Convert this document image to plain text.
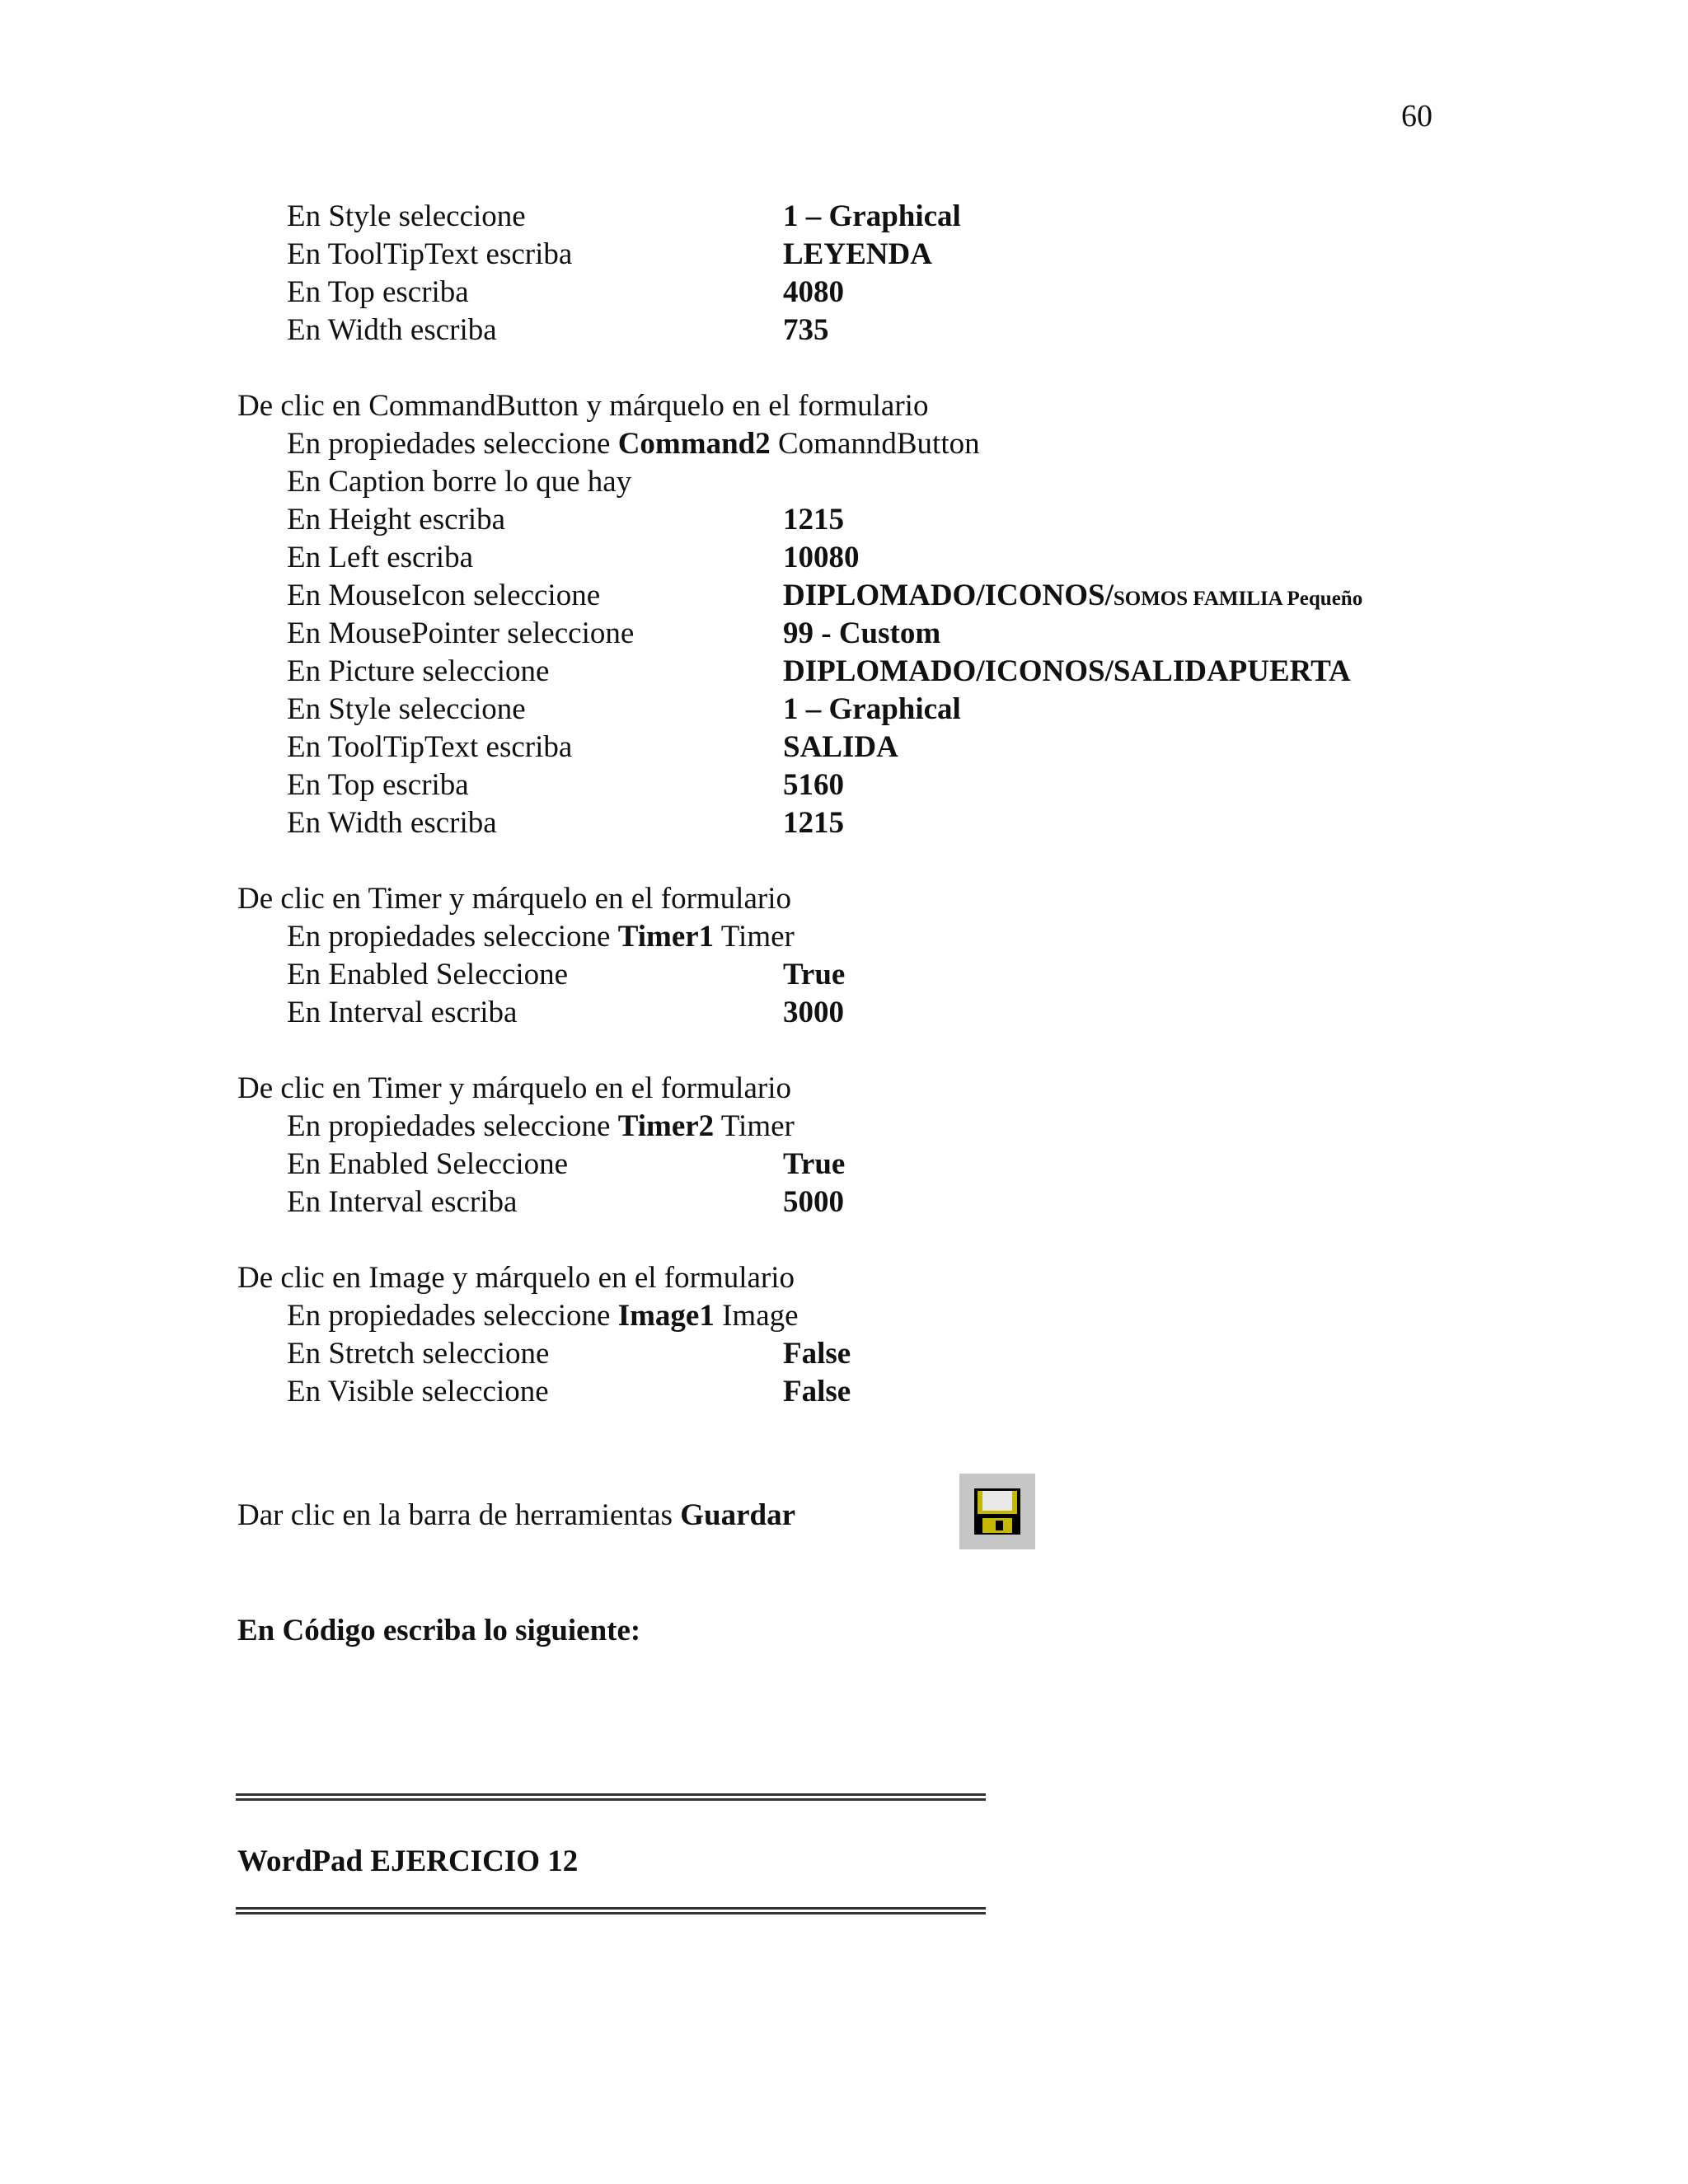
60
En Style seleccione	1 – Graphical
En ToolTipText escriba	LEYENDA
En Top escriba	4080
En Width escriba	735
De clic en CommandButton y márquelo en el formulario
En propiedades seleccione Command2 ComanndButton
En Caption borre lo que hay
En Height escriba	1215
En Left escriba	10080
En MouseIcon seleccione	DIPLOMADO/ICONOS/SOMOS FAMILIA Pequeño
En MousePointer seleccione	99 - Custom
En Picture seleccione	DIPLOMADO/ICONOS/SALIDAPUERTA
En Style seleccione	1 – Graphical
En ToolTipText escriba	SALIDA
En Top escriba	5160
En Width escriba	1215
De clic en Timer y márquelo en el formulario
En propiedades seleccione Timer1 Timer
En Enabled Seleccione	True
En Interval escriba	3000
De clic en Timer y márquelo en el formulario
En propiedades seleccione Timer2 Timer
En Enabled Seleccione	True
En Interval escriba	5000
De clic en Image y márquelo en el formulario
En propiedades seleccione Image1 Image
En Stretch seleccione	False
En Visible seleccione	False
Dar clic en la barra de herramientas Guardar
En Código escriba lo siguiente:
WordPad EJERCICIO 12
